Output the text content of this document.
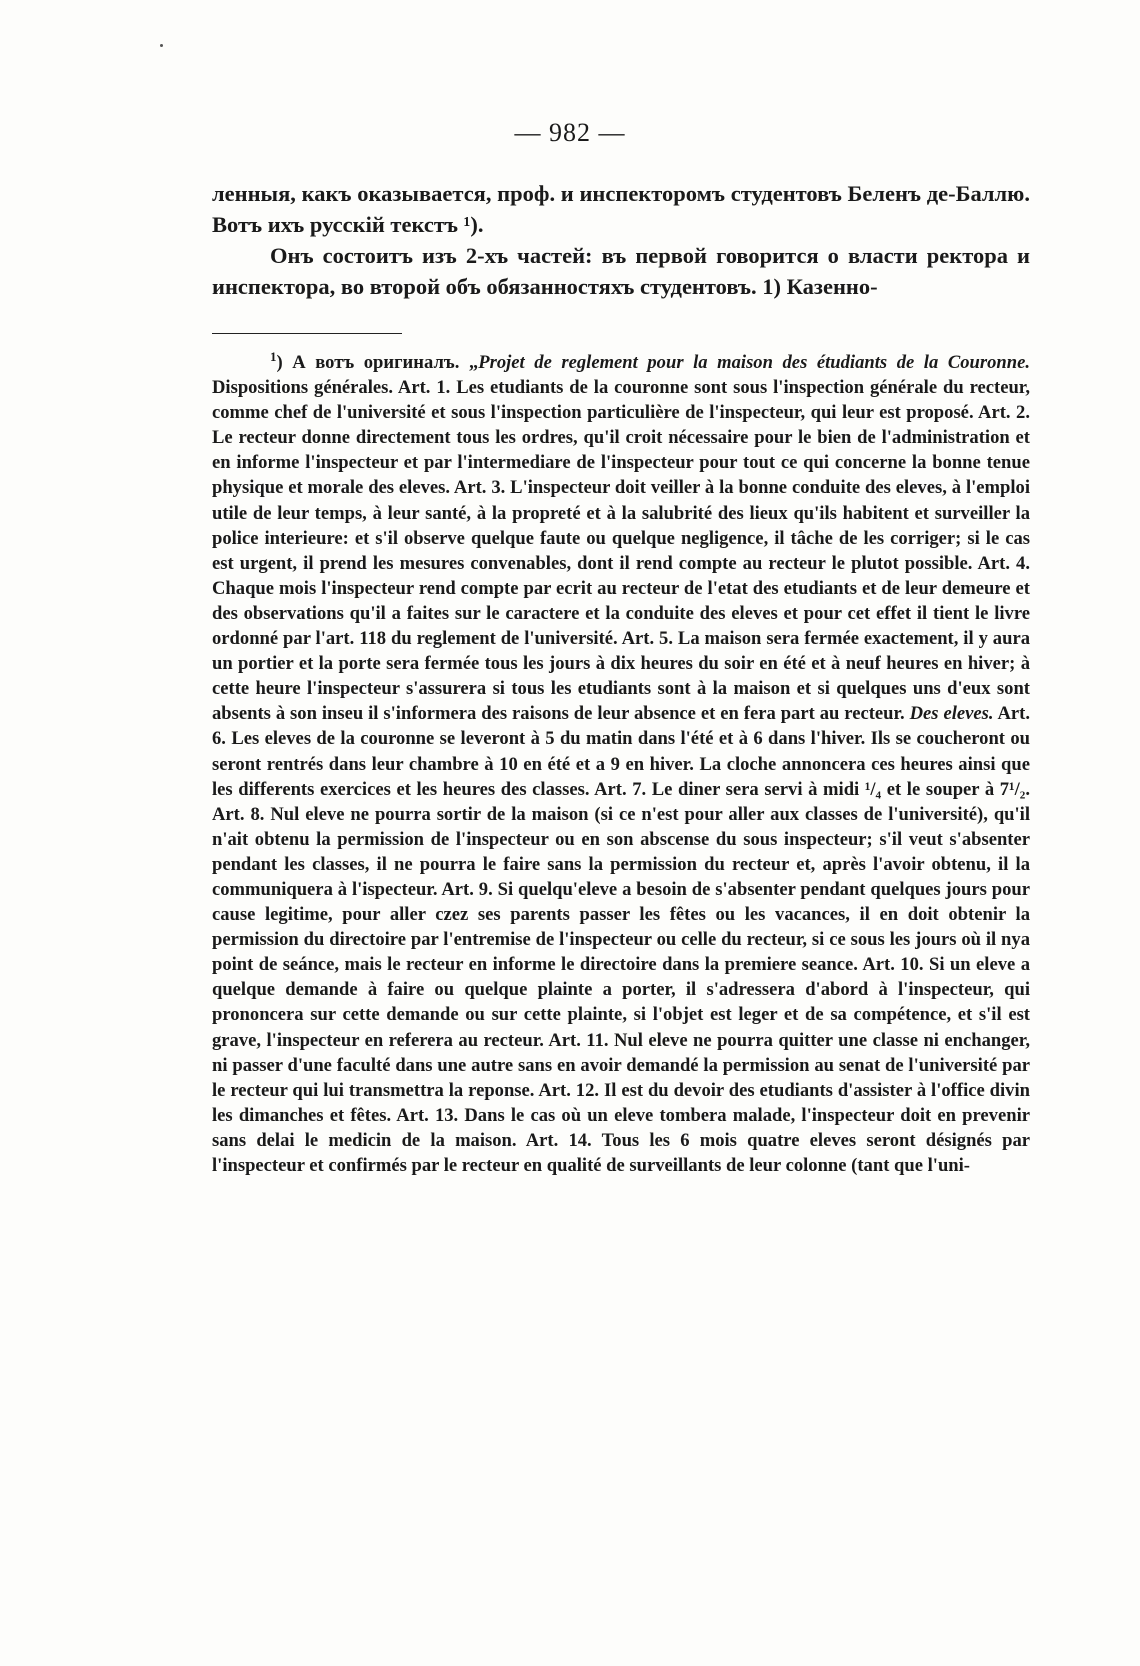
— 982 —

ленныя, какъ оказывается, проф. и инспекторомъ студентовъ Беленъ де-Баллю. Вотъ ихъ русскій текстъ ¹).

Онъ состоитъ изъ 2-хъ частей: въ первой говорится о власти ректора и инспектора, во второй объ обязанностяхъ студентовъ. 1) Казенно-

$^1$) А вотъ оригиналъ. „Projet de reglement pour la maison des étudiants de la Couronne. Dispositions générales. Art. 1. Les etudiants de la couronne sont sous l'inspection générale du recteur, comme chef de l'université et sous l'inspection particulière de l'inspecteur, qui leur est proposé. Art. 2. Le recteur donne directement tous les ordres, qu'il croit nécessaire pour le bien de l'administration et en informe l'inspecteur et par l'intermediare de l'inspecteur pour tout ce qui concerne la bonne tenue physique et morale des eleves. Art. 3. L'inspecteur doit veiller à la bonne conduite des eleves, à l'emploi utile de leur temps, à leur santé, à la propreté et à la salubrité des lieux qu'ils habitent et surveiller la police interieure: et s'il observe quelque faute ou quelque negligence, il tâche de les corriger; si le cas est urgent, il prend les mesures convenables, dont il rend compte au recteur le plutot possible. Art. 4. Chaque mois l'inspecteur rend compte par ecrit au recteur de l'etat des etudiants et de leur demeure et des observations qu'il a faites sur le caractere et la conduite des eleves et pour cet effet il tient le livre ordonné par l'art. 118 du reglement de l'université. Art. 5. La maison sera fermée exactement, il y aura un portier et la porte sera fermée tous les jours à dix heures du soir en été et à neuf heures en hiver; à cette heure l'inspecteur s'assurera si tous les etudiants sont à la maison et si quelques uns d'eux sont absents à son inseu il s'informera des raisons de leur absence et en fera part au recteur. Des eleves. Art. 6. Les eleves de la couronne se leveront à 5 du matin dans l'été et à 6 dans l'hiver. Ils se coucheront ou seront rentrés dans leur chambre à 10 en été et a 9 en hiver. La cloche annoncera ces heures ainsi que les differents exercices et les heures des classes. Art. 7. Le diner sera servi à midi ¹/₄ et le souper à 7¹/₂. Art. 8. Nul eleve ne pourra sortir de la maison (si ce n'est pour aller aux classes de l'université), qu'il n'ait obtenu la permission de l'inspecteur ou en son abscense du sous inspecteur; s'il veut s'absenter pendant les classes, il ne pourra le faire sans la permission du recteur et, après l'avoir obtenu, il la communiquera à l'ispecteur. Art. 9. Si quelqu'eleve a besoin de s'absenter pendant quelques jours pour cause legitime, pour aller czez ses parents passer les fêtes ou les vacances, il en doit obtenir la permission du directoire par l'entremise de l'inspecteur ou celle du recteur, si ce sous les jours où il nya point de seánce, mais le recteur en informe le directoire dans la premiere seance. Art. 10. Si un eleve a quelque demande à faire ou quelque plainte a porter, il s'adressera d'abord à l'inspecteur, qui prononcera sur cette demande ou sur cette plainte, si l'objet est leger et de sa compétence, et s'il est grave, l'inspecteur en referera au recteur. Art. 11. Nul eleve ne pourra quitter une classe ni enchanger, ni passer d'une faculté dans une autre sans en avoir demandé la permission au senat de l'université par le recteur qui lui transmettra la reponse. Art. 12. Il est du devoir des etudiants d'assister à l'office divin les dimanches et fêtes. Art. 13. Dans le cas où un eleve tombera malade, l'inspecteur doit en prevenir sans delai le medicin de la maison. Art. 14. Tous les 6 mois quatre eleves seront désignés par l'inspecteur et confirmés par le recteur en qualité de surveillants de leur colonne (tant que l'uni-
